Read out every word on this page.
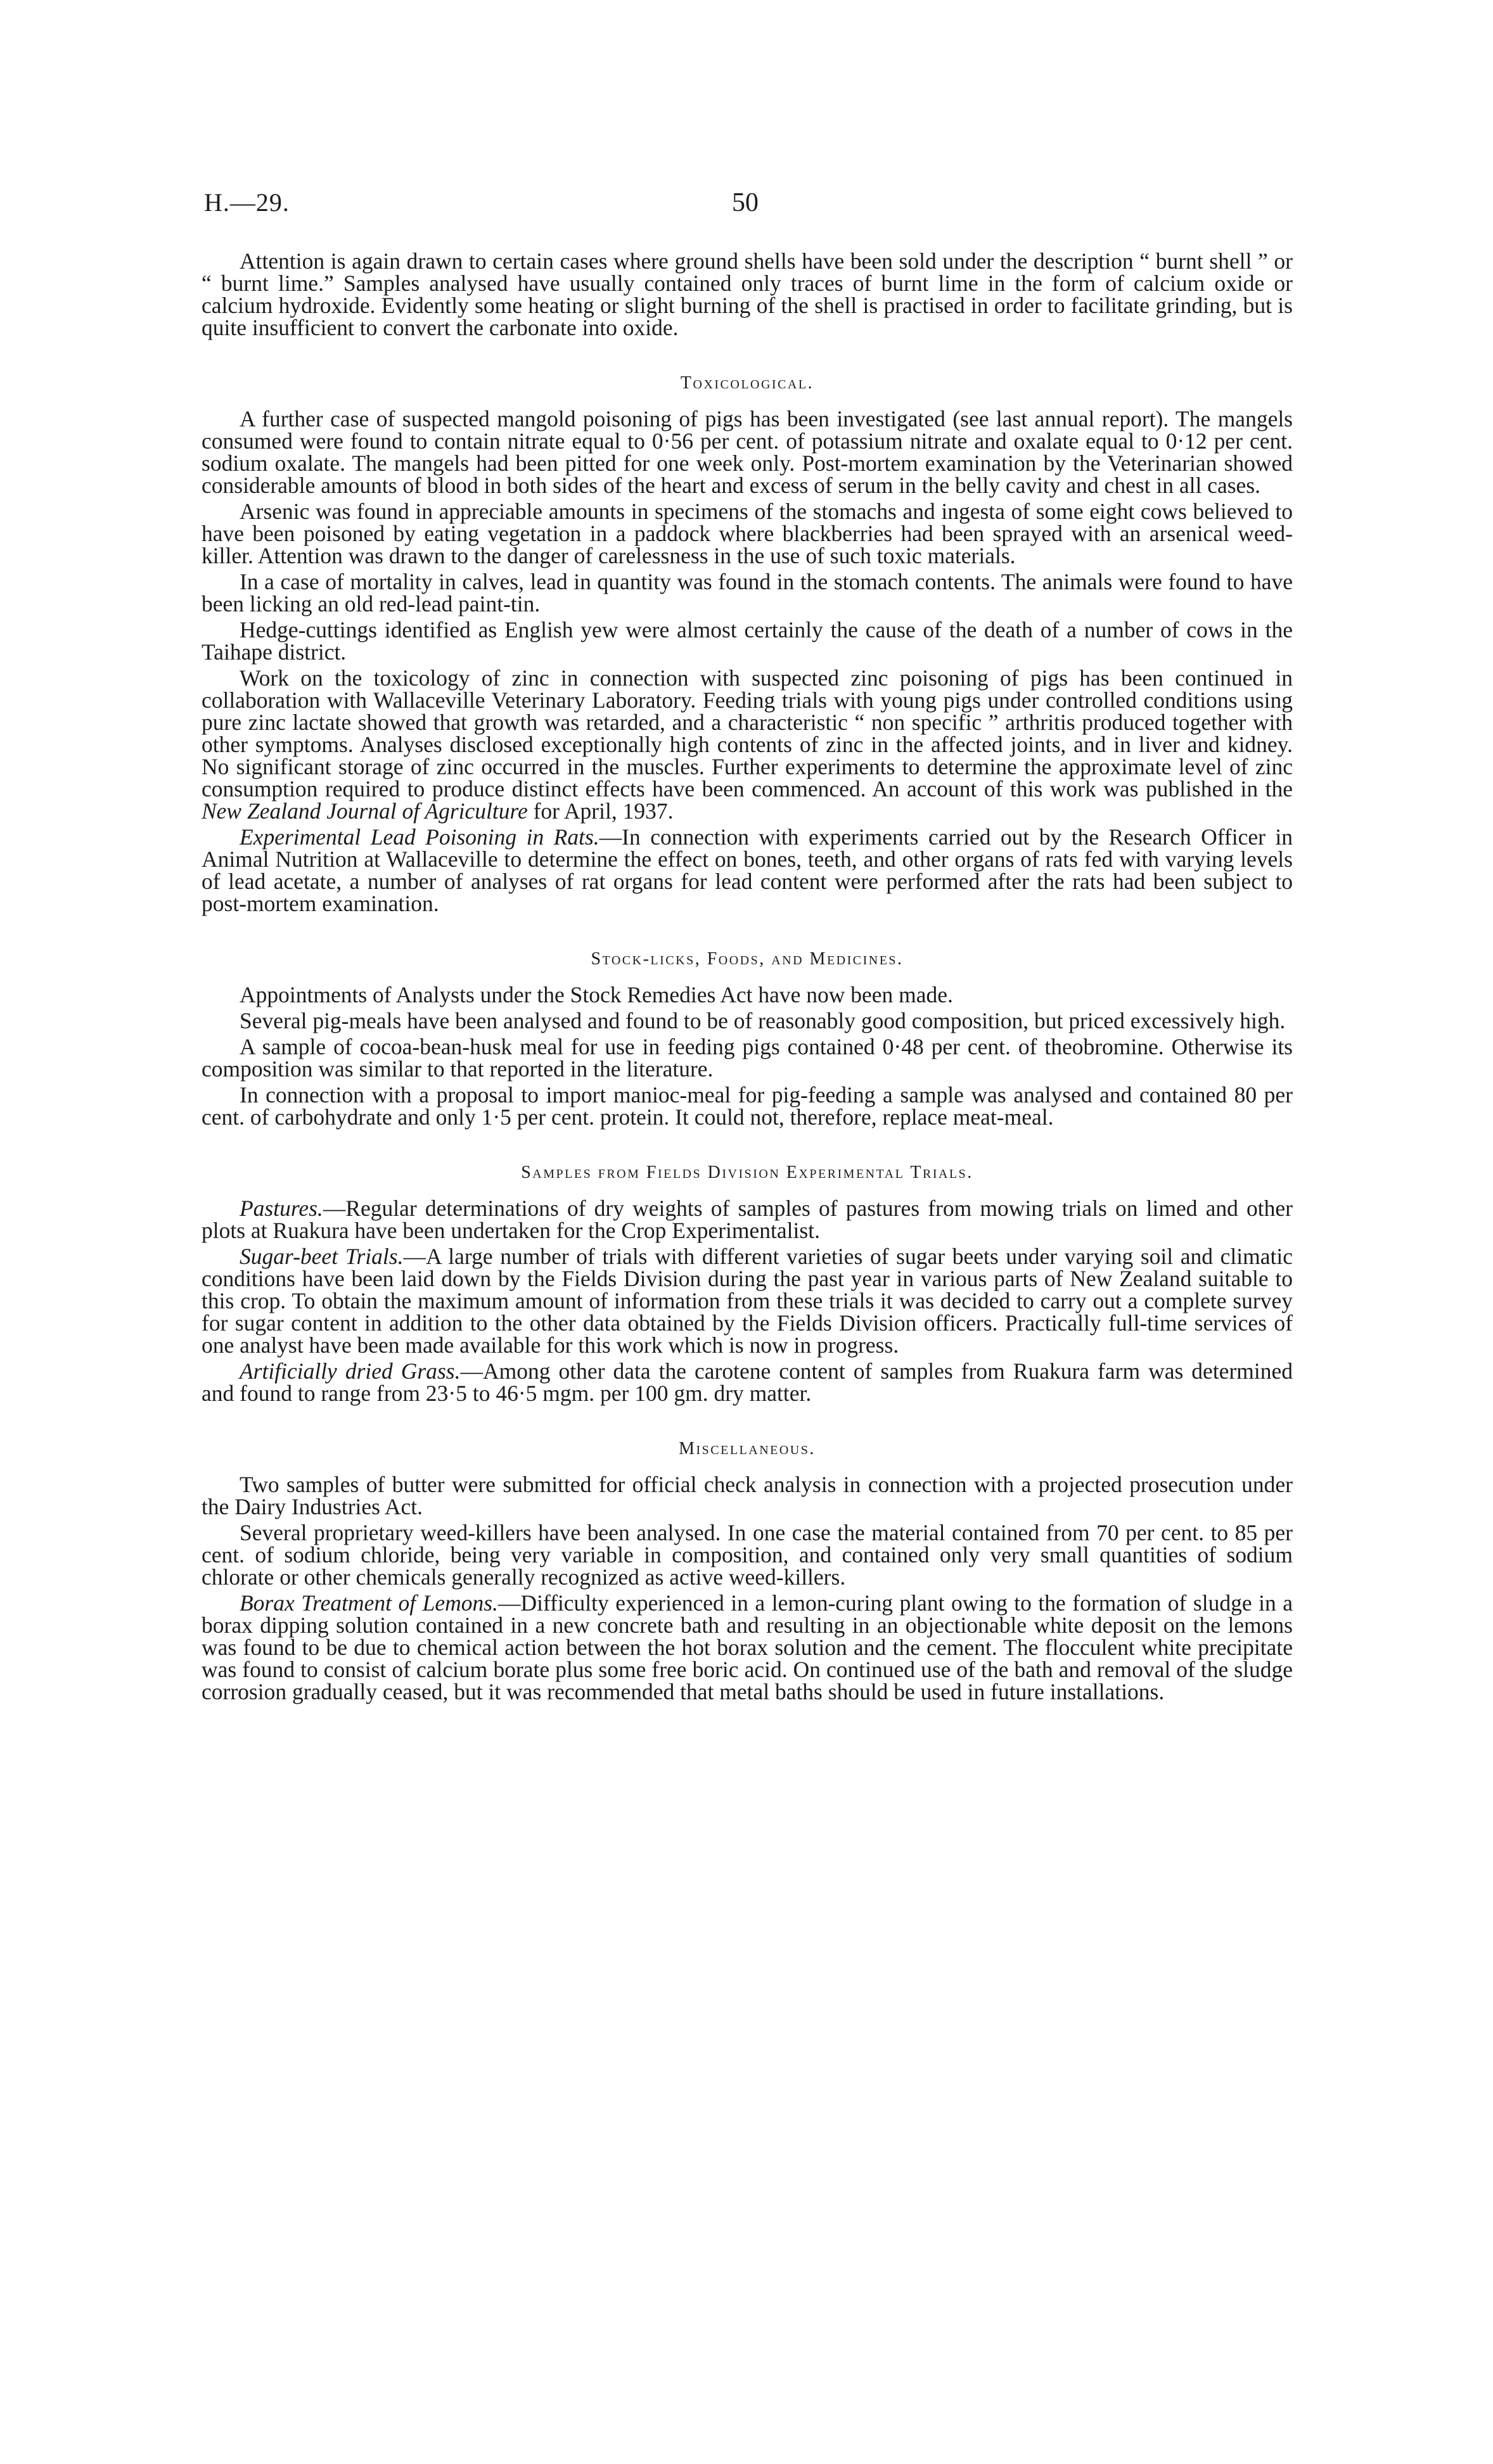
H.—29.	50

Attention is again drawn to certain cases where ground shells have been sold under the description “ burnt shell ” or “ burnt lime.” Samples analysed have usually contained only traces of burnt lime in the form of calcium oxide or calcium hydroxide. Evidently some heating or slight burning of the shell is practised in order to facilitate grinding, but is quite insufficient to convert the carbonate into oxide.

Toxicological.

A further case of suspected mangold poisoning of pigs has been investigated (see last annual report). The mangels consumed were found to contain nitrate equal to 0·56 per cent. of potassium nitrate and oxalate equal to 0·12 per cent. sodium oxalate. The mangels had been pitted for one week only. Post-mortem examination by the Veterinarian showed considerable amounts of blood in both sides of the heart and excess of serum in the belly cavity and chest in all cases.

Arsenic was found in appreciable amounts in specimens of the stomachs and ingesta of some eight cows believed to have been poisoned by eating vegetation in a paddock where blackberries had been sprayed with an arsenical weed-killer. Attention was drawn to the danger of carelessness in the use of such toxic materials.

In a case of mortality in calves, lead in quantity was found in the stomach contents. The animals were found to have been licking an old red-lead paint-tin.

Hedge-cuttings identified as English yew were almost certainly the cause of the death of a number of cows in the Taihape district.

Work on the toxicology of zinc in connection with suspected zinc poisoning of pigs has been continued in collaboration with Wallaceville Veterinary Laboratory. Feeding trials with young pigs under controlled conditions using pure zinc lactate showed that growth was retarded, and a characteristic “ non specific ” arthritis produced together with other symptoms. Analyses disclosed exceptionally high contents of zinc in the affected joints, and in liver and kidney. No significant storage of zinc occurred in the muscles. Further experiments to determine the approximate level of zinc consumption required to produce distinct effects have been commenced. An account of this work was published in the New Zealand Journal of Agriculture for April, 1937.

Experimental Lead Poisoning in Rats.—In connection with experiments carried out by the Research Officer in Animal Nutrition at Wallaceville to determine the effect on bones, teeth, and other organs of rats fed with varying levels of lead acetate, a number of analyses of rat organs for lead content were performed after the rats had been subject to post-mortem examination.

Stock-licks, Foods, and Medicines.

Appointments of Analysts under the Stock Remedies Act have now been made.

Several pig-meals have been analysed and found to be of reasonably good composition, but priced excessively high.

A sample of cocoa-bean-husk meal for use in feeding pigs contained 0·48 per cent. of theobromine. Otherwise its composition was similar to that reported in the literature.

In connection with a proposal to import manioc-meal for pig-feeding a sample was analysed and contained 80 per cent. of carbohydrate and only 1·5 per cent. protein. It could not, therefore, replace meat-meal.

Samples from Fields Division Experimental Trials.

Pastures.—Regular determinations of dry weights of samples of pastures from mowing trials on limed and other plots at Ruakura have been undertaken for the Crop Experimentalist.

Sugar-beet Trials.—A large number of trials with different varieties of sugar beets under varying soil and climatic conditions have been laid down by the Fields Division during the past year in various parts of New Zealand suitable to this crop. To obtain the maximum amount of information from these trials it was decided to carry out a complete survey for sugar content in addition to the other data obtained by the Fields Division officers. Practically full-time services of one analyst have been made available for this work which is now in progress.

Artificially dried Grass.—Among other data the carotene content of samples from Ruakura farm was determined and found to range from 23·5 to 46·5 mgm. per 100 gm. dry matter.

Miscellaneous.

Two samples of butter were submitted for official check analysis in connection with a projected prosecution under the Dairy Industries Act.

Several proprietary weed-killers have been analysed. In one case the material contained from 70 per cent. to 85 per cent. of sodium chloride, being very variable in composition, and contained only very small quantities of sodium chlorate or other chemicals generally recognized as active weed-killers.

Borax Treatment of Lemons.—Difficulty experienced in a lemon-curing plant owing to the formation of sludge in a borax dipping solution contained in a new concrete bath and resulting in an objectionable white deposit on the lemons was found to be due to chemical action between the hot borax solution and the cement. The flocculent white precipitate was found to consist of calcium borate plus some free boric acid. On continued use of the bath and removal of the sludge corrosion gradually ceased, but it was recommended that metal baths should be used in future installations.
